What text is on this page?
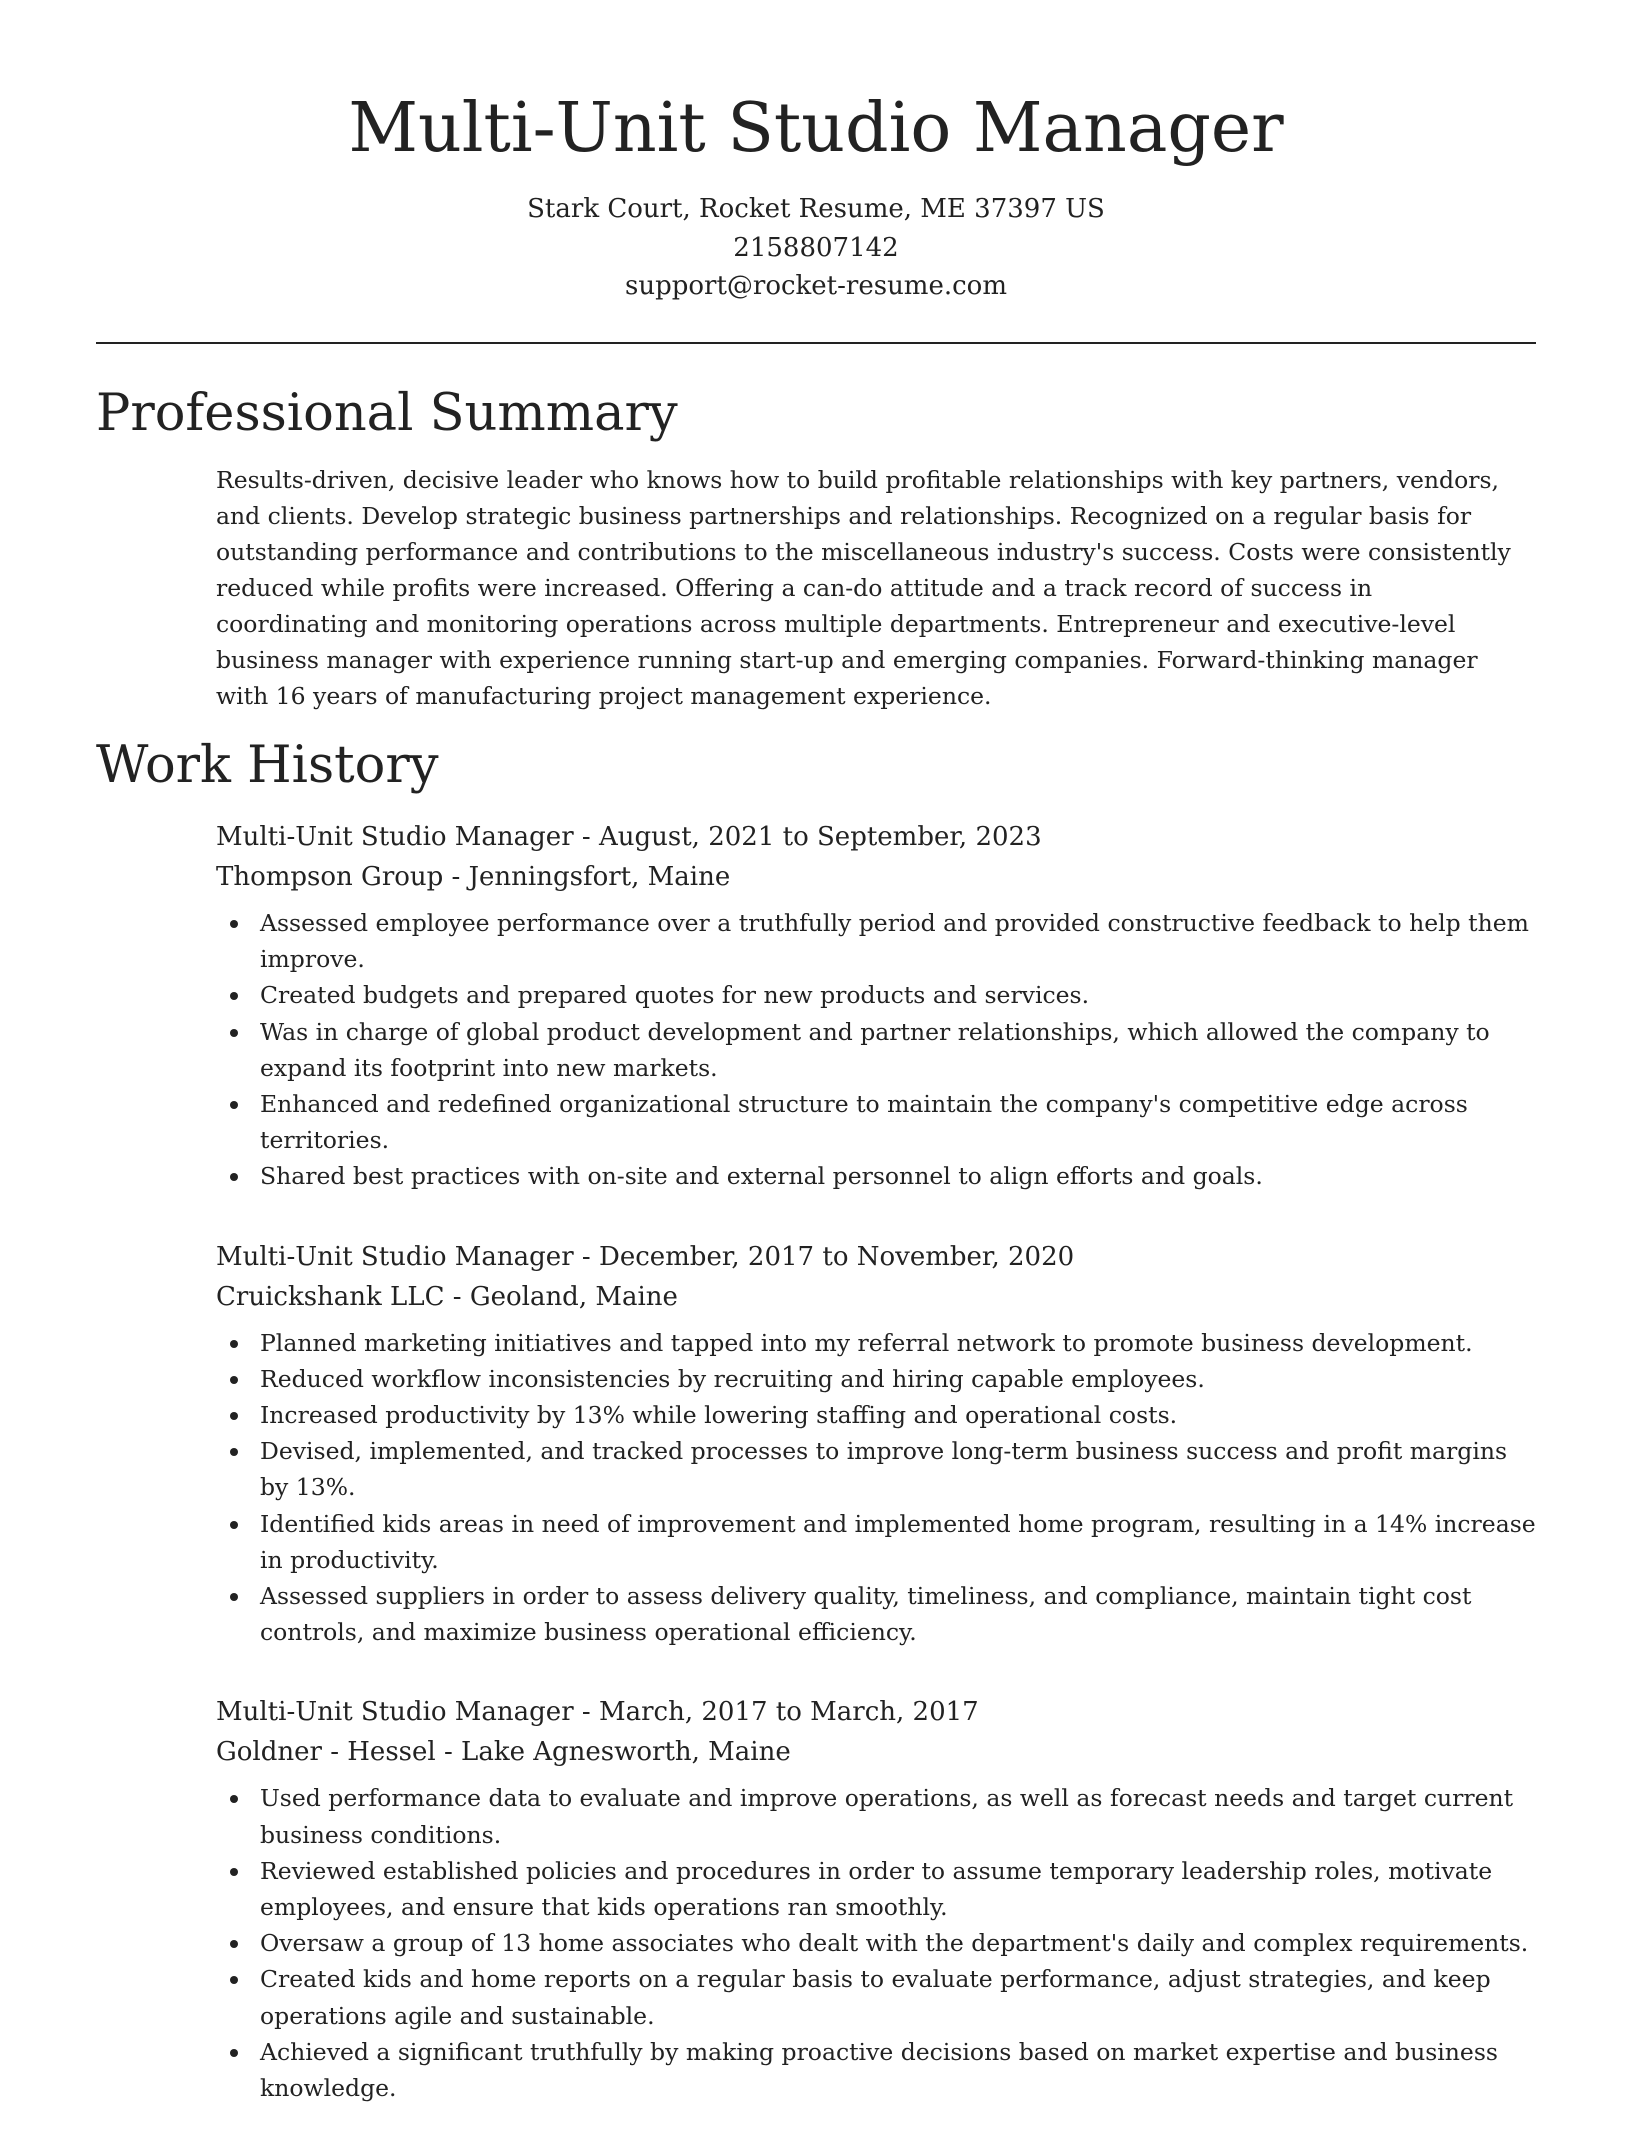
Multi-Unit Studio Manager
Stark Court, Rocket Resume, ME 37397 US
2158807142
support@rocket-resume.com
Professional Summary

Results-driven, decisive leader who knows how to build profitable relationships with key partners, vendors, and clients. Develop strategic business partnerships and relationships. Recognized on a regular basis for outstanding performance and contributions to the miscellaneous industry's success. Costs were consistently reduced while profits were increased. Offering a can-do attitude and a track record of success in coordinating and monitoring operations across multiple departments. Entrepreneur and executive-level business manager with experience running start-up and emerging companies. Forward-thinking manager with 16 years of manufacturing project management experience.

Work History
Multi-Unit Studio Manager - August, 2021 to September, 2023
Thompson Group - Jenningsfort, Maine
Assessed employee performance over a truthfully period and provided constructive feedback to help them improve.
Created budgets and prepared quotes for new products and services.
Was in charge of global product development and partner relationships, which allowed the company to expand its footprint into new markets.
Enhanced and redefined organizational structure to maintain the company's competitive edge across territories.
Shared best practices with on-site and external personnel to align efforts and goals.
Multi-Unit Studio Manager - December, 2017 to November, 2020
Cruickshank LLC - Geoland, Maine
Planned marketing initiatives and tapped into my referral network to promote business development.
Reduced workflow inconsistencies by recruiting and hiring capable employees.
Increased productivity by 13% while lowering staffing and operational costs.
Devised, implemented, and tracked processes to improve long-term business success and profit margins by 13%.
Identified kids areas in need of improvement and implemented home program, resulting in a 14% increase in productivity.
Assessed suppliers in order to assess delivery quality, timeliness, and compliance, maintain tight cost controls, and maximize business operational efficiency.
Multi-Unit Studio Manager - March, 2017 to March, 2017
Goldner - Hessel - Lake Agnesworth, Maine
Used performance data to evaluate and improve operations, as well as forecast needs and target current business conditions.
Reviewed established policies and procedures in order to assume temporary leadership roles, motivate employees, and ensure that kids operations ran smoothly.
Oversaw a group of 13 home associates who dealt with the department's daily and complex requirements.
Created kids and home reports on a regular basis to evaluate performance, adjust strategies, and keep operations agile and sustainable.
Achieved a significant truthfully by making proactive decisions based on market expertise and business knowledge.
